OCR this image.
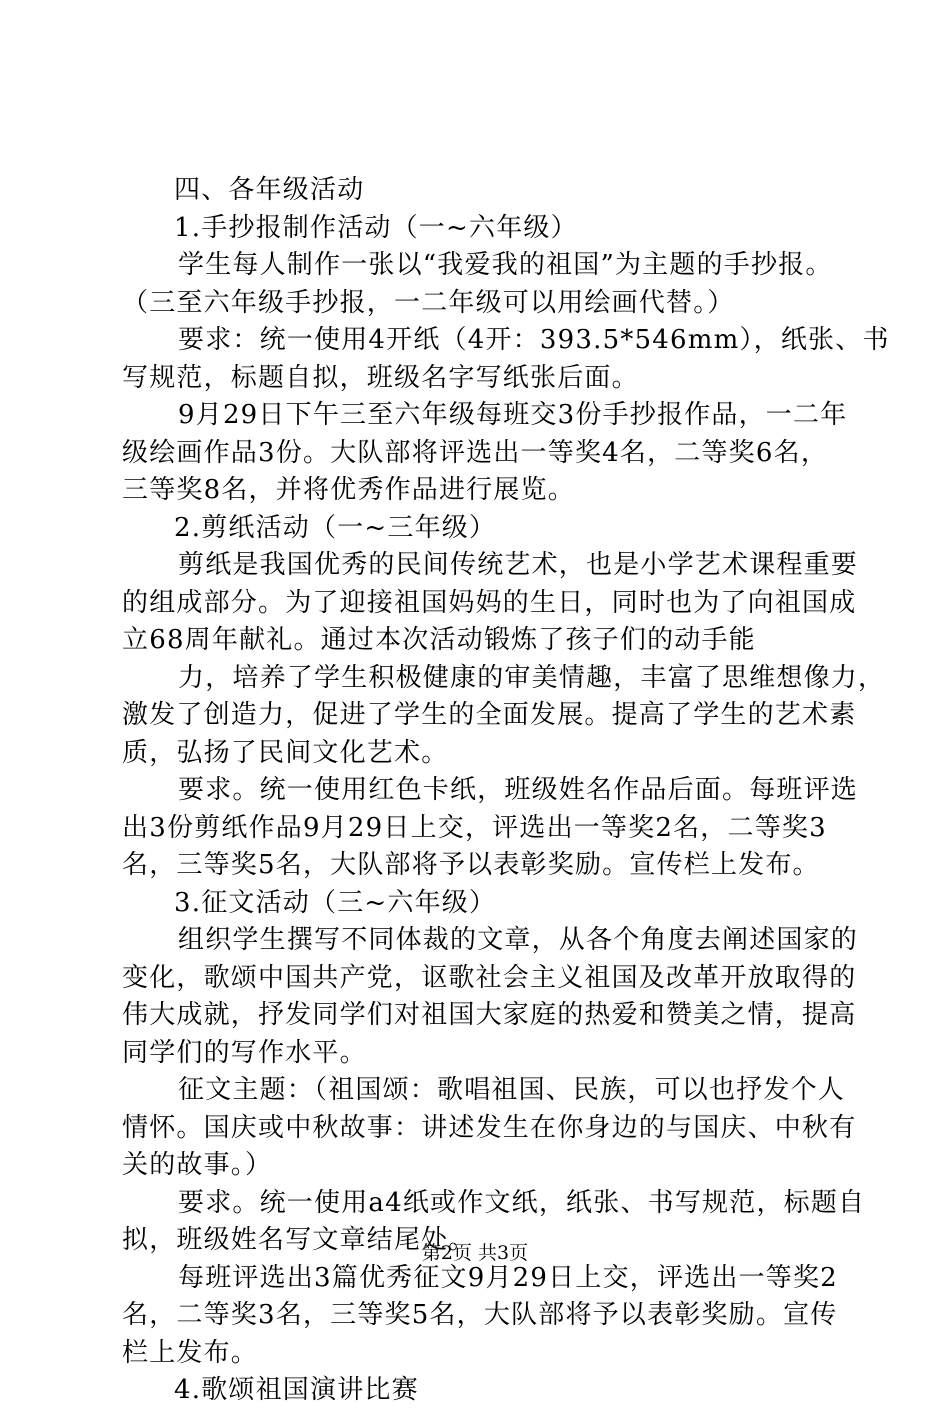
四、各年级活动
1.手抄报制作活动（一~六年级）
学生每人制作一张以“我爱我的祖国”为主题的手抄报。
（三至六年级手抄报，一二年级可以用绘画代替。）
要求：统一使用4开纸（4开：393.5*546mm），纸张、书
写规范，标题自拟，班级名字写纸张后面。
9月29日下午三至六年级每班交3份手抄报作品，一二年
级绘画作品3份。大队部将评选出一等奖4名，二等奖6名，
三等奖8名，并将优秀作品进行展览。
2.剪纸活动（一~三年级）
剪纸是我国优秀的民间传统艺术，也是小学艺术课程重要
的组成部分。为了迎接祖国妈妈的生日，同时也为了向祖国成
立68周年献礼。通过本次活动锻炼了孩子们的动手能
力，培养了学生积极健康的审美情趣，丰富了思维想像力，
激发了创造力，促进了学生的全面发展。提高了学生的艺术素
质，弘扬了民间文化艺术。
要求。统一使用红色卡纸，班级姓名作品后面。每班评选
出3份剪纸作品9月29日上交，评选出一等奖2名，二等奖3
名，三等奖5名，大队部将予以表彰奖励。宣传栏上发布。
3.征文活动（三~六年级）
组织学生撰写不同体裁的文章，从各个角度去阐述国家的
变化，歌颂中国共产党，讴歌社会主义祖国及改革开放取得的
伟大成就，抒发同学们对祖国大家庭的热爱和赞美之情，提高
同学们的写作水平。
征文主题：（祖国颂：歌唱祖国、民族，可以也抒发个人
情怀。国庆或中秋故事：讲述发生在你身边的与国庆、中秋有
关的故事。）
要求。统一使用a4纸或作文纸，纸张、书写规范，标题自
拟，班级姓名写文章结尾处。
每班评选出3篇优秀征文9月29日上交，评选出一等奖2
名，二等奖3名，三等奖5名，大队部将予以表彰奖励。宣传
栏上发布。
4.歌颂祖国演讲比赛
第2页 共3页
